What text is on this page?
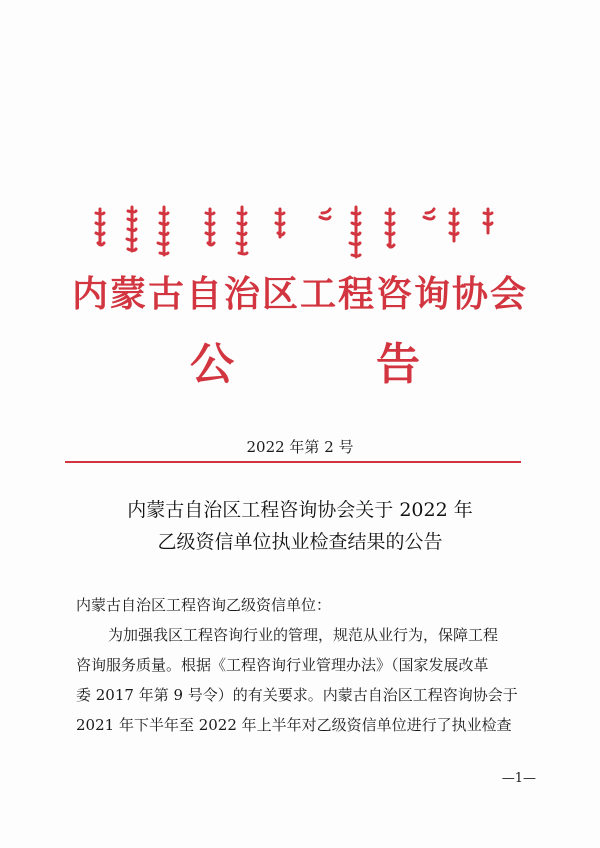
内蒙古自治区工程咨询协会
公	告
2022 年第 2 号
内蒙古自治区工程咨询协会关于 2022 年
乙级资信单位执业检查结果的公告
内蒙古自治区工程咨询乙级资信单位：
为加强我区工程咨询行业的管理，规范从业行为，保障工程
咨询服务质量。根据《工程咨询行业管理办法》（国家发展改革
委 2017 年第 9 号令）的有关要求。内蒙古自治区工程咨询协会于
2021 年下半年至 2022 年上半年对乙级资信单位进行了执业检查
—1—
